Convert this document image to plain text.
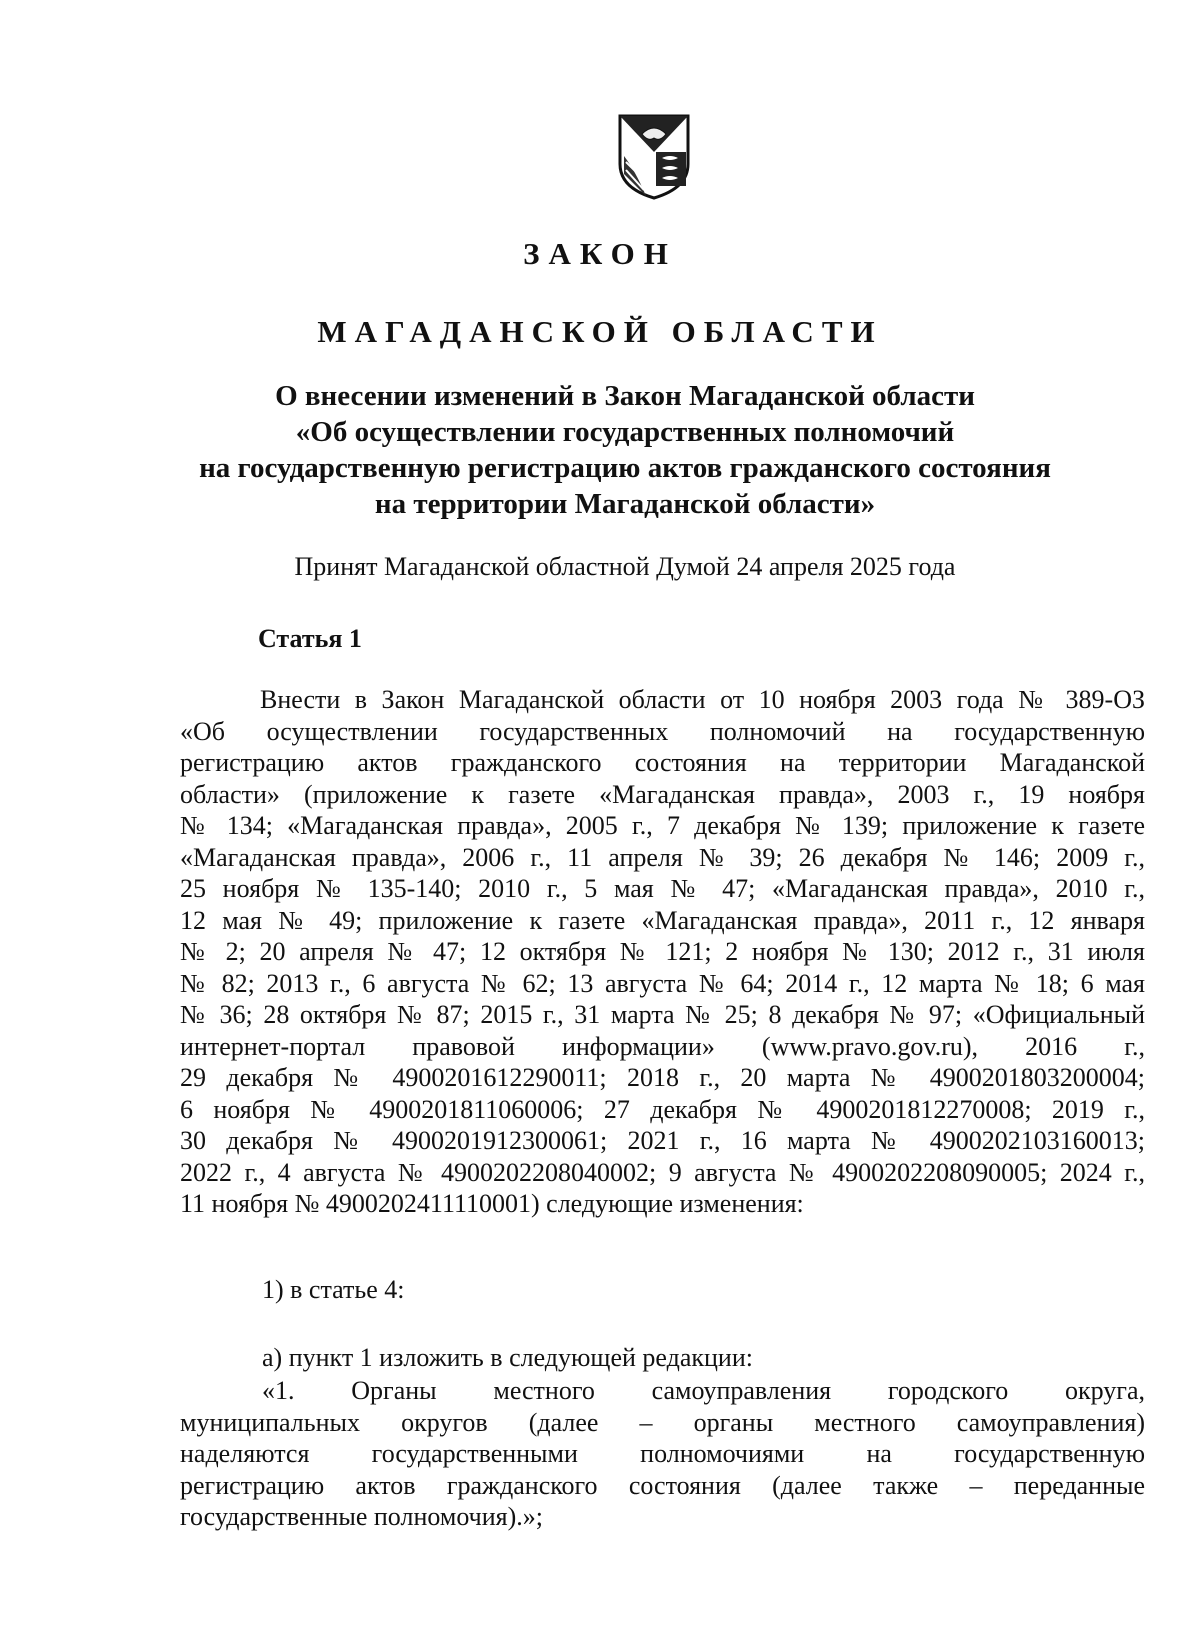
ЗАКОН
МАГАДАНСКОЙ ОБЛАСТИ
О внесении изменений в Закон Магаданской области
«Об осуществлении государственных полномочий
на государственную регистрацию актов гражданского состояния
на территории Магаданской области»
Принят Магаданской областной Думой 24 апреля 2025 года
Статья 1
Внести в Закон Магаданской области от 10 ноября 2003 года № 389-ОЗ
«Об осуществлении государственных полномочий на государственную
регистрацию актов гражданского состояния на территории Магаданской
области» (приложение к газете «Магаданская правда», 2003 г., 19 ноября
№ 134; «Магаданская правда», 2005 г., 7 декабря № 139; приложение к газете
«Магаданская правда», 2006 г., 11 апреля № 39; 26 декабря № 146; 2009 г.,
25 ноября № 135-140; 2010 г., 5 мая № 47; «Магаданская правда», 2010 г.,
12 мая № 49; приложение к газете «Магаданская правда», 2011 г., 12 января
№ 2; 20 апреля № 47; 12 октября № 121; 2 ноября № 130; 2012 г., 31 июля
№ 82; 2013 г., 6 августа № 62; 13 августа № 64; 2014 г., 12 марта № 18; 6 мая
№ 36; 28 октября № 87; 2015 г., 31 марта № 25; 8 декабря № 97; «Официальный
интернет-портал правовой информации» (www.pravo.gov.ru), 2016 г.,
29 декабря № 4900201612290011; 2018 г., 20 марта № 4900201803200004;
6 ноября № 4900201811060006; 27 декабря № 4900201812270008; 2019 г.,
30 декабря № 4900201912300061; 2021 г., 16 марта № 4900202103160013;
2022 г., 4 августа № 4900202208040002; 9 августа № 4900202208090005; 2024 г.,
11 ноября № 4900202411110001) следующие изменения:
1) в статье 4:
а) пункт 1 изложить в следующей редакции:
«1. Органы местного самоуправления городского округа,
муниципальных округов (далее – органы местного самоуправления)
наделяются государственными полномочиями на государственную
регистрацию актов гражданского состояния (далее также – переданные
государственные полномочия).»;
